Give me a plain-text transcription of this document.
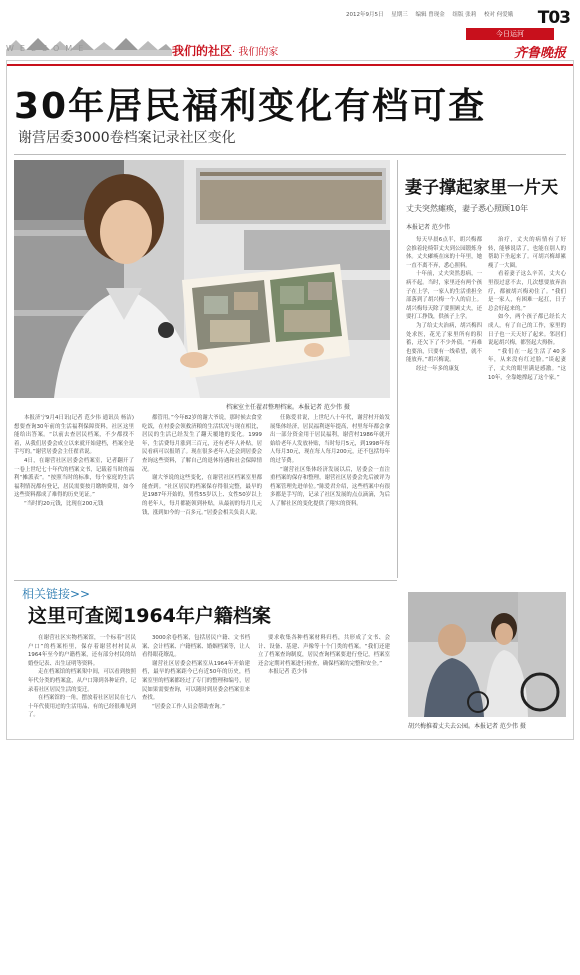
2012年9月5日 星期三 编辑 曾现金 组版 张莉 校对 何爱娥	T03
今日运河
齐鲁晚报
WELCOME	我们的社区· 我们的家
30年居民福利变化有档可查
谢营居委3000卷档案记录社区变化
档案室主任翟君整理档案。本报记者 范少伟 摄

本报济宁9月4日讯(记者 范少伟 通讯员 杨洁) 想要查询30年前的生活福利保障资料，社区这里能给出答案。“以前去查居民档案，不少都找不着，从我们居委会成立以来就开始建档，档案全是手写的。”谢营居委会主任翟君说。

4日，在谢营社区居委会档案室，记者翻开了一卷上世纪七十年代的档案文书，记载着当时的福利“摊派表”。“按照当时的标准，每个家庭的生活福利情况都有登记，居民需要按月缴纳费用，如今这些资料都成了难得的历史见证。”

“当时的20元钱，比现在200元钱

都管用。”今年82岁的谢大爷说，那时候去食堂吃饭，在村委会领救济粮的生活状况与现在相比，居民的生活已经发生了翻天覆地的变化。1999年，生活费每月涨到三百元，还有老年人补贴，居民看病可以报销了。现在很多老年人还会到居委会查询这些资料，了解自己的退休待遇和社会保障情况。

谢大爷说的这些变化，在谢营社区档案室里都能查到。“社区居民的档案保存得很完整，最早的是1987年开始的，男性55岁以上、女性50岁以上的老年人，每月都能领到补贴，从最初的每月几元钱，涨到如今的一百多元。”居委会相关负责人说。

任陈爱君说，上世纪八十年代，谢营村开始发展集体经济，居民福利逐年提高，村里每年都会拿出一部分资金用于居民福利，谢营村1986年就开始给老年人发放补贴，当时每月5元，到1998年每人每月30元，现在每人每月200元，还不包括每年的过节费。

“谢营社区集体经济发展以后，居委会一直注重档案的保存和整理，谢营社区居委会先后被评为档案管理先进单位。”陈爱君介绍，这些档案中有很多都是手写的，记录了社区发展的点点滴滴，为后人了解社区的变化提供了翔实的资料。

妻子撑起家里一片天
丈夫突然瘫痪，妻子悉心照顾10年
本报记者 范少伟

每天早晨6点半，胡兴梅都会推着轮椅带丈夫到公园锻炼身体。丈夫瘫痪在床的十年里，她一直不离不弃，悉心照料。

十年前，丈夫突然患病，一病不起。当时，家里还有两个孩子在上学，一家人的生活重担全部落到了胡兴梅一个人的肩上。胡兴梅每天除了要照顾丈夫，还要打工挣钱，供孩子上学。

为了给丈夫治病，胡兴梅四处求医，花光了家里所有的积蓄，还欠下了不少外债。“再难也要治，只要有一线希望，就不能放弃。”胡兴梅说。

经过一年多的康复

治疗，丈夫的病情有了好转，能够说话了，也能在别人的帮助下坐起来了。可胡兴梅却累瘦了一大圈。

看着妻子这么辛苦，丈夫心里很过意不去，几次想要放弃治疗，都被胡兴梅劝住了。“我们是一家人，有困难一起扛，日子总会好起来的。”

如今，两个孩子都已经长大成人，有了自己的工作，家里的日子也一天天好了起来。邻居们说起胡兴梅，都竖起大拇指。

“我们在一起生活了40多年，从来没有红过脸。”谈起妻子，丈夫的眼里满是感激。“这10年，全靠她撑起了这个家。”

相关链接>>
这里可查阅1964年户籍档案

在谢营社区实物档案馆，一个标着“居民户口”的档案柜里，保存着谢营村村民从1964年至今的户籍档案，还有部分村民的结婚登记表、出生证明等资料。

走在档案馆的档案架中间，可以看到按照年代分类的档案盒，从户口簿到各种证件，记录着社区居民生活的变迁。

在档案馆的一角，摆放着社区居民在七八十年代使用过的生活用品，有的已经很难见到了。

3000余卷档案，包括居民户籍、文书档案、会计档案、户籍档案、婚姻档案等，让人看得眼花缭乱。

谢营社区居委会档案室从1964年开始建档，最早的档案距今已有近50年的历史，档案室里的档案都经过了专门的整理和编号，居民如果需要查询，可以随时到居委会档案室来查找。

“居委会工作人员会帮助查询。”

要求收集各种档案材料归档，共形成了文书、会计、设备、基建、声像等十个门类的档案。“我们还建立了档案查询制度，居民查询档案要进行登记，档案室还会定期对档案进行检查，确保档案的完整和安全。”

本报记者 范少伟

胡兴梅推着丈夫去公园。本报记者 范少伟 摄
